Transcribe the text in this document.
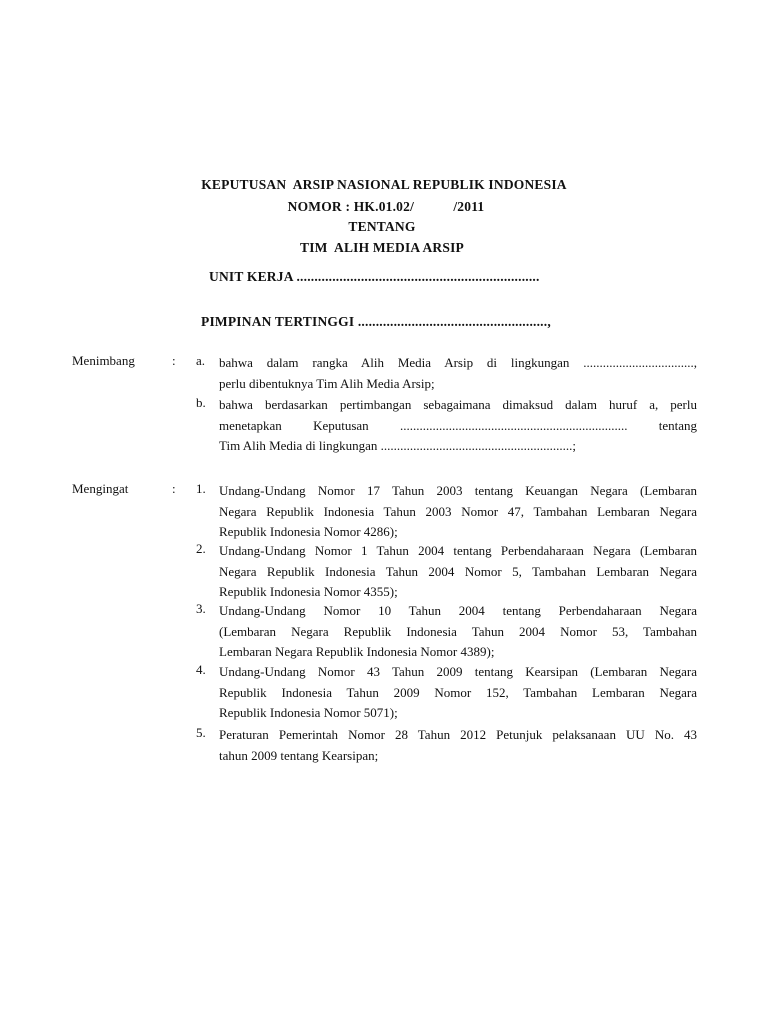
KEPUTUSAN  ARSIP NASIONAL REPUBLIK INDONESIA
NOMOR : HK.01.02/           /2011
TENTANG
TIM  ALIH MEDIA ARSIP
UNIT KERJA ....................................................................
PIMPINAN TERTINGGI .....................................................,
Menimbang	: a. bahwa dalam rangka Alih Media Arsip di lingkungan ..................................,
perlu dibentuknya Tim Alih Media Arsip;
b. bahwa berdasarkan pertimbangan sebagaimana dimaksud dalam huruf a, perlu
menetapkan   Keputusan   ......................................................................   tentang
Tim Alih Media di lingkungan ...........................................................;
Mengingat	: 1. Undang-Undang Nomor 17 Tahun 2003 tentang Keuangan Negara (Lembaran
Negara Republik Indonesia Tahun 2003 Nomor 47, Tambahan Lembaran Negara
Republik Indonesia Nomor 4286);
2. Undang-Undang Nomor 1 Tahun 2004 tentang Perbendaharaan Negara (Lembaran
Negara Republik Indonesia Tahun 2004 Nomor 5, Tambahan Lembaran Negara
Republik Indonesia Nomor 4355);
3. Undang-Undang Nomor 10 Tahun 2004 tentang Perbendaharaan Negara
(Lembaran Negara Republik Indonesia Tahun 2004 Nomor 53, Tambahan
Lembaran Negara Republik Indonesia Nomor 4389);
4. Undang-Undang Nomor 43 Tahun 2009 tentang Kearsipan (Lembaran Negara
Republik Indonesia Tahun 2009 Nomor 152, Tambahan Lembaran Negara
Republik Indonesia Nomor 5071);
5. Peraturan Pemerintah Nomor 28 Tahun 2012 Petunjuk pelaksanaan UU No. 43
tahun 2009 tentang Kearsipan;
